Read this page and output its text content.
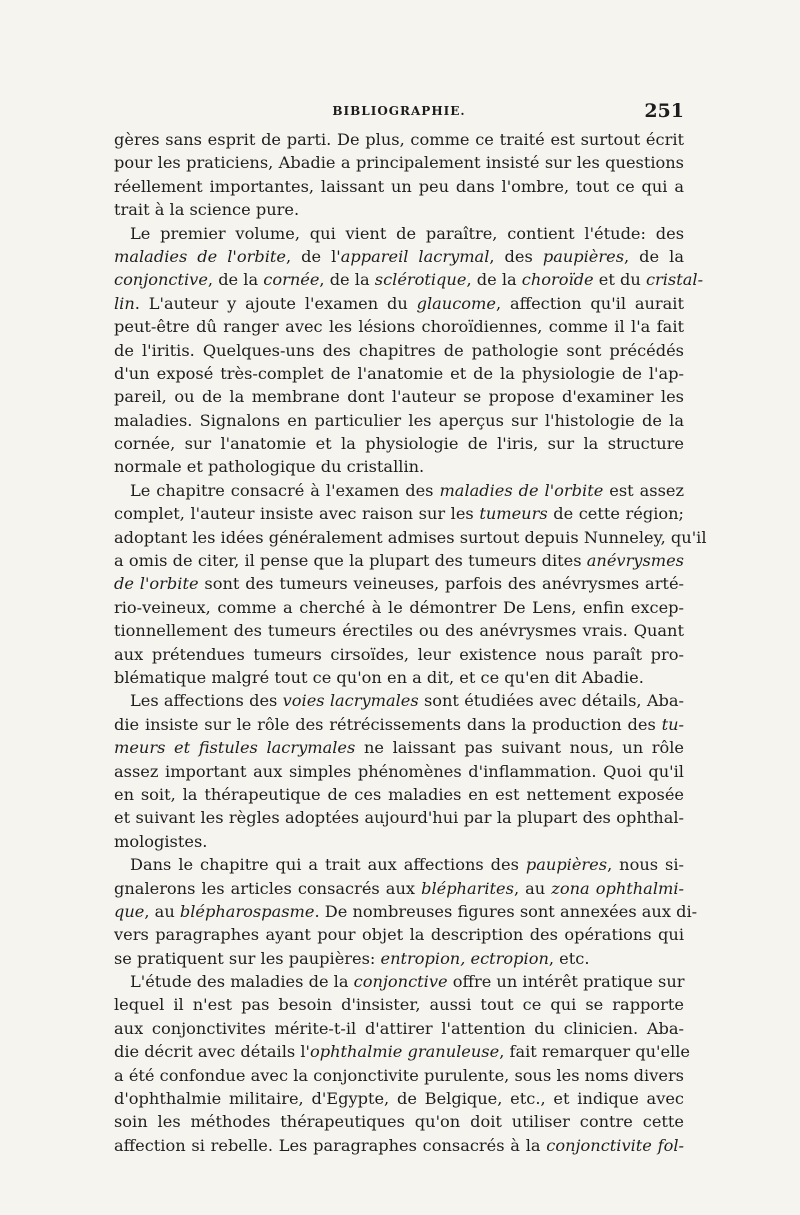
BIBLIOGRAPHIE.	251
gères sans esprit de parti. De plus, comme ce traité est surtout écrit
pour les praticiens, Abadie a principalement insisté sur les questions
réellement importantes, laissant un peu dans l'ombre, tout ce qui a
trait à la science pure.
Le premier volume, qui vient de paraître, contient l'étude: des
maladies de l'orbite, de l'appareil lacrymal, des paupières, de la
conjonctive, de la cornée, de la sclérotique, de la choroïde et du cristal-
lin. L'auteur y ajoute l'examen du glaucome, affection qu'il aurait
peut-être dû ranger avec les lésions choroïdiennes, comme il l'a fait
de l'iritis. Quelques-uns des chapitres de pathologie sont précédés
d'un exposé très-complet de l'anatomie et de la physiologie de l'ap-
pareil, ou de la membrane dont l'auteur se propose d'examiner les
maladies. Signalons en particulier les aperçus sur l'histologie de la
cornée, sur l'anatomie et la physiologie de l'iris, sur la structure
normale et pathologique du cristallin.
Le chapitre consacré à l'examen des maladies de l'orbite est assez
complet, l'auteur insiste avec raison sur les tumeurs de cette région;
adoptant les idées généralement admises surtout depuis Nunneley, qu'il
a omis de citer, il pense que la plupart des tumeurs dites anévrysmes
de l'orbite sont des tumeurs veineuses, parfois des anévrysmes arté-
rio-veineux, comme a cherché à le démontrer De Lens, enfin excep-
tionnellement des tumeurs érectiles ou des anévrysmes vrais. Quant
aux prétendues tumeurs cirsoïdes, leur existence nous paraît pro-
blématique malgré tout ce qu'on en a dit, et ce qu'en dit Abadie.
Les affections des voies lacrymales sont étudiées avec détails, Aba-
die insiste sur le rôle des rétrécissements dans la production des tu-
meurs et fistules lacrymales ne laissant pas suivant nous, un rôle
assez important aux simples phénomènes d'inflammation. Quoi qu'il
en soit, la thérapeutique de ces maladies en est nettement exposée
et suivant les règles adoptées aujourd'hui par la plupart des ophthal-
mologistes.
Dans le chapitre qui a trait aux affections des paupières, nous si-
gnalerons les articles consacrés aux blépharites, au zona ophthalmi-
que, au blépharospasme. De nombreuses figures sont annexées aux di-
vers paragraphes ayant pour objet la description des opérations qui
se pratiquent sur les paupières: entropion, ectropion, etc.
L'étude des maladies de la conjonctive offre un intérêt pratique sur
lequel il n'est pas besoin d'insister, aussi tout ce qui se rapporte
aux conjonctivites mérite-t-il d'attirer l'attention du clinicien. Aba-
die décrit avec détails l'ophthalmie granuleuse, fait remarquer qu'elle
a été confondue avec la conjonctivite purulente, sous les noms divers
d'ophthalmie militaire, d'Egypte, de Belgique, etc., et indique avec
soin les méthodes thérapeutiques qu'on doit utiliser contre cette
affection si rebelle. Les paragraphes consacrés à la conjonctivite fol-
